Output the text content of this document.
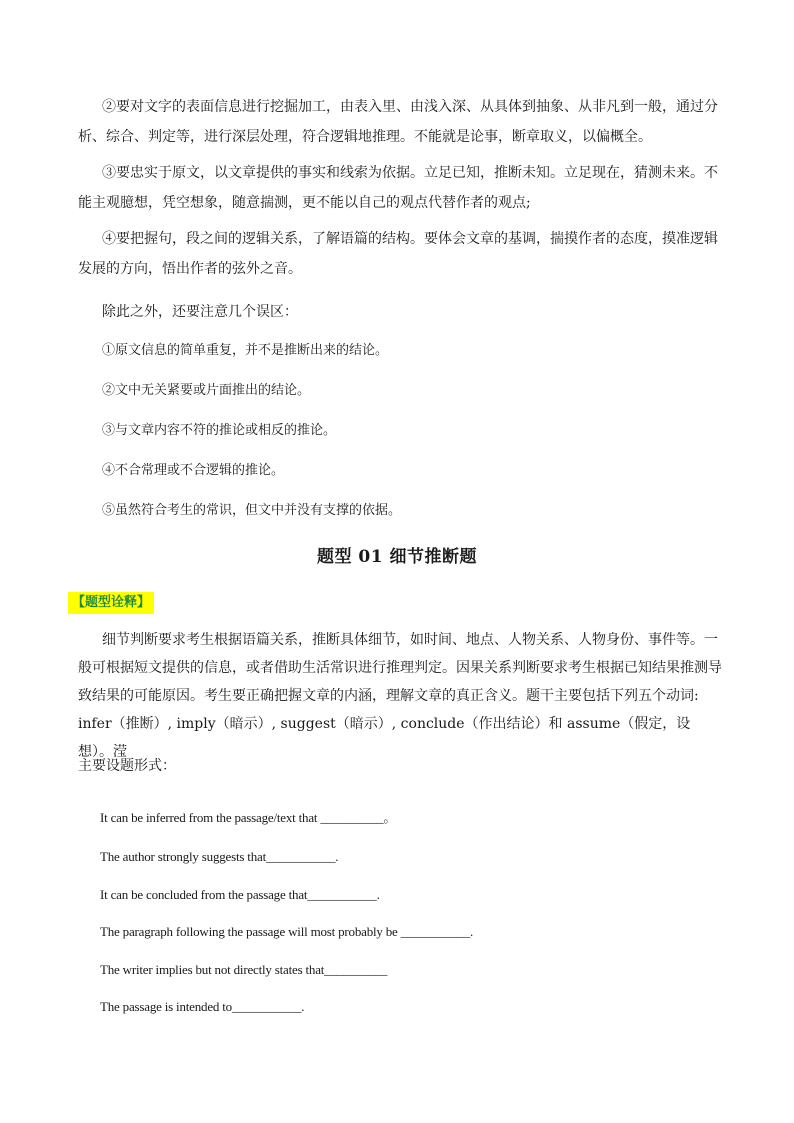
②要对文字的表面信息进行挖掘加工，由表入里、由浅入深、从具体到抽象、从非凡到一般，通过分析、综合、判定等，进行深层处理，符合逻辑地推理。不能就是论事，断章取义，以偏概全。

③要忠实于原文，以文章提供的事实和线索为依据。立足已知，推断未知。立足现在，猜测未来。不能主观臆想，凭空想象，随意揣测，更不能以自己的观点代替作者的观点;

④要把握句，段之间的逻辑关系，了解语篇的结构。要体会文章的基调，揣摸作者的态度，摸准逻辑发展的方向，悟出作者的弦外之音。

除此之外，还要注意几个误区：

①原文信息的简单重复，并不是推断出来的结论。

②文中无关紧要或片面推出的结论。

③与文章内容不符的推论或相反的推论。

④不合常理或不合逻辑的推论。

⑤虽然符合考生的常识，但文中并没有支撑的依据。

题型 01 细节推断题
【题型诠释】

细节判断要求考生根据语篇关系，推断具体细节，如时间、地点、人物关系、人物身份、事件等。一般可根据短文提供的信息，或者借助生活常识进行推理判定。因果关系判断要求考生根据已知结果推测导致结果的可能原因。考生要正确把握文章的内涵，理解文章的真正含义。题干主要包括下列五个动词: infer（推断）, imply（暗示）, suggest（暗示）, conclude（作出结论）和 assume（假定，设想）。滢

主要设题形式：

It can be inferred from the passage/text that __________。

The author strongly suggests that___________.

It can be concluded from the passage that___________.

The paragraph following the passage will most probably be ___________.

The writer implies but not directly states that__________

The passage is intended to___________.
